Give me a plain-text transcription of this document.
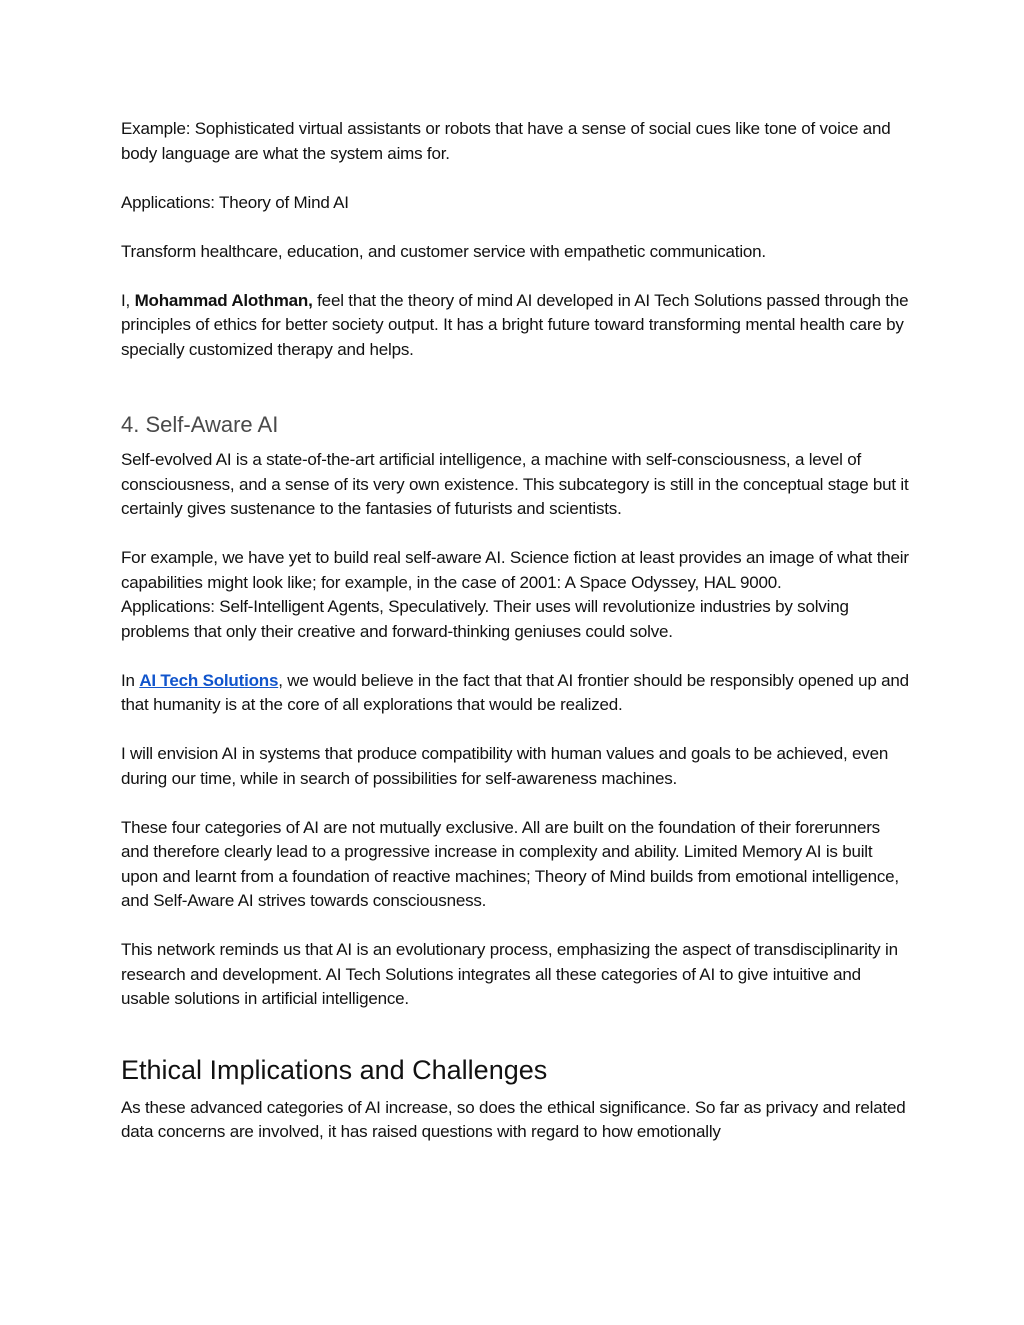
Example: Sophisticated virtual assistants or robots that have a sense of social cues like tone of voice and body language are what the system aims for.

Applications: Theory of Mind AI

Transform healthcare, education, and customer service with empathetic communication.

I, Mohammad Alothman, feel that the theory of mind AI developed in AI Tech Solutions passed through the principles of ethics for better society output. It has a bright future toward transforming mental health care by specially customized therapy and helps.

4. Self-Aware AI

Self-evolved AI is a state-of-the-art artificial intelligence, a machine with self-consciousness, a level of consciousness, and a sense of its very own existence. This subcategory is still in the conceptual stage but it certainly gives sustenance to the fantasies of futurists and scientists.

For example, we have yet to build real self-aware AI. Science fiction at least provides an image of what their capabilities might look like; for example, in the case of 2001: A Space Odyssey, HAL 9000.

Applications: Self-Intelligent Agents, Speculatively. Their uses will revolutionize industries by solving problems that only their creative and forward-thinking geniuses could solve.

In AI Tech Solutions, we would believe in the fact that that AI frontier should be responsibly opened up and that humanity is at the core of all explorations that would be realized.

I will envision AI in systems that produce compatibility with human values and goals to be achieved, even during our time, while in search of possibilities for self-awareness machines.

These four categories of AI are not mutually exclusive. All are built on the foundation of their forerunners and therefore clearly lead to a progressive increase in complexity and ability. Limited Memory AI is built upon and learnt from a foundation of reactive machines; Theory of Mind builds from emotional intelligence, and Self-Aware AI strives towards consciousness.

This network reminds us that AI is an evolutionary process, emphasizing the aspect of transdisciplinarity in research and development. AI Tech Solutions integrates all these categories of AI to give intuitive and usable solutions in artificial intelligence.

Ethical Implications and Challenges

As these advanced categories of AI increase, so does the ethical significance. So far as privacy and related data concerns are involved, it has raised questions with regard to how emotionally
